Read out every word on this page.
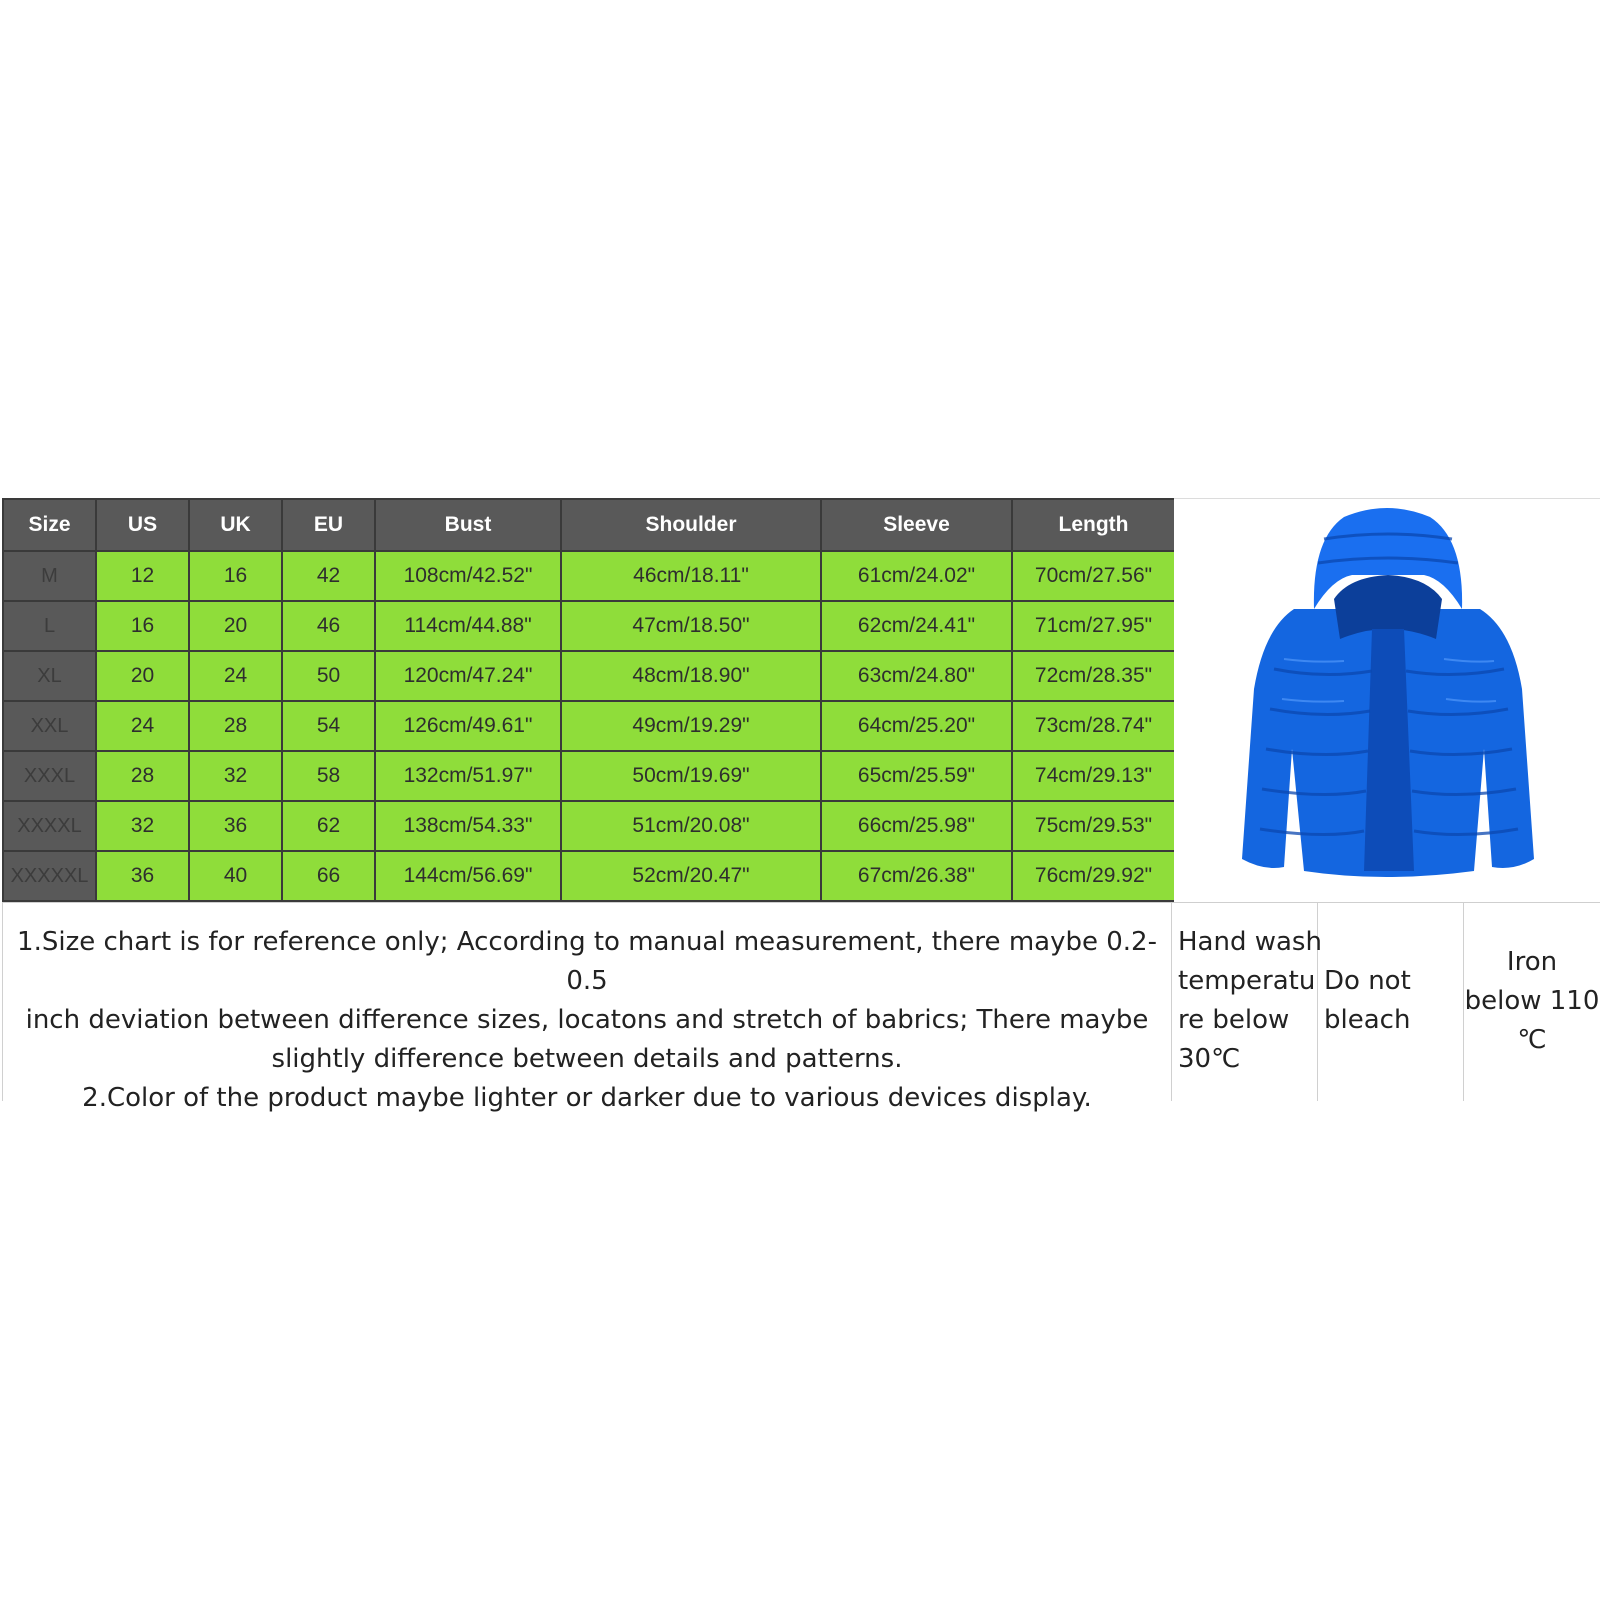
Size	US	UK	EU	Bust	Shoulder	Sleeve	Length
M	12	16	42	108cm/42.52"	46cm/18.11"	61cm/24.02"	70cm/27.56"
L	16	20	46	114cm/44.88"	47cm/18.50"	62cm/24.41"	71cm/27.95"
XL	20	24	50	120cm/47.24"	48cm/18.90"	63cm/24.80"	72cm/28.35"
XXL	24	28	54	126cm/49.61"	49cm/19.29"	64cm/25.20"	73cm/28.74"
XXXL	28	32	58	132cm/51.97"	50cm/19.69"	65cm/25.59"	74cm/29.13"
XXXXL	32	36	62	138cm/54.33"	51cm/20.08"	66cm/25.98"	75cm/29.53"
XXXXXL	36	40	66	144cm/56.69"	52cm/20.47"	67cm/26.38"	76cm/29.92"
1.Size chart is for reference only; According to manual measurement, there maybe 0.2-0.5
inch deviation between difference sizes, locatons and stretch of babrics; There maybe
slightly difference between details and patterns.
2.Color of the product maybe lighter or darker due to various devices display.
Hand wash
temperatu
re below
30℃
Do not
bleach
Iron
below 110
℃
